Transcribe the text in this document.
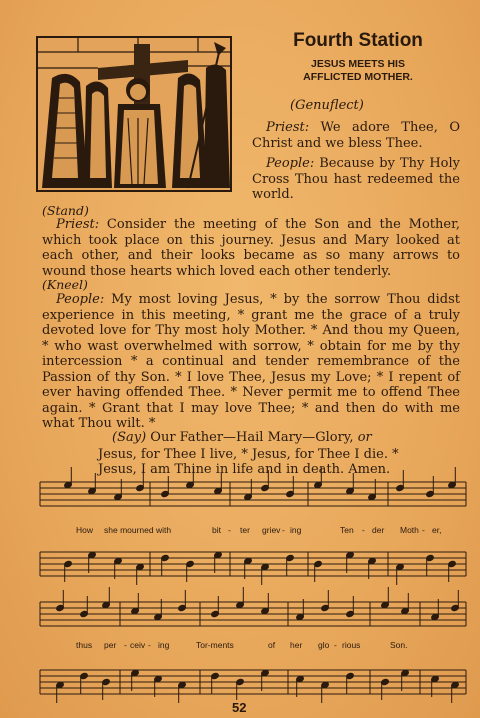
Fourth Station
JESUS MEETS HIS
AFFLICTED MOTHER.
(Genuflect)
Priest: We adore Thee, O Christ and we bless Thee.
People: Because by Thy Holy Cross Thou hast redeemed the world.
(Stand)
Priest: Consider the meeting of the Son and the Mother, which took place on this journey. Jesus and Mary looked at each other, and their looks became as so many arrows to wound those hearts which loved each other tenderly.
(Kneel)
People: My most loving Jesus, * by the sorrow Thou didst experience in this meeting, * grant me the grace of a truly devoted love for Thy most holy Mother. * And thou my Queen, * who wast overwhelmed with sorrow, * obtain for me by thy intercession * a continual and tender remembrance of the Passion of thy Son. * I love Thee, Jesus my Love; * I repent of ever having offended Thee. * Never permit me to offend Thee again. * Grant that I may love Thee; * and then do with me what Thou wilt. *
(Say) Our Father—Hail Mary—Glory, or
Jesus, for Thee I live, * Jesus, for Thee I die. *
Jesus, I am Thine in life and in death. Amen.
How she mourned with	bit - ter griev - ing	Ten - der Moth - er,
thus per - ceiv - ing	Tor-ments	of her glo - rious	Son.
52
